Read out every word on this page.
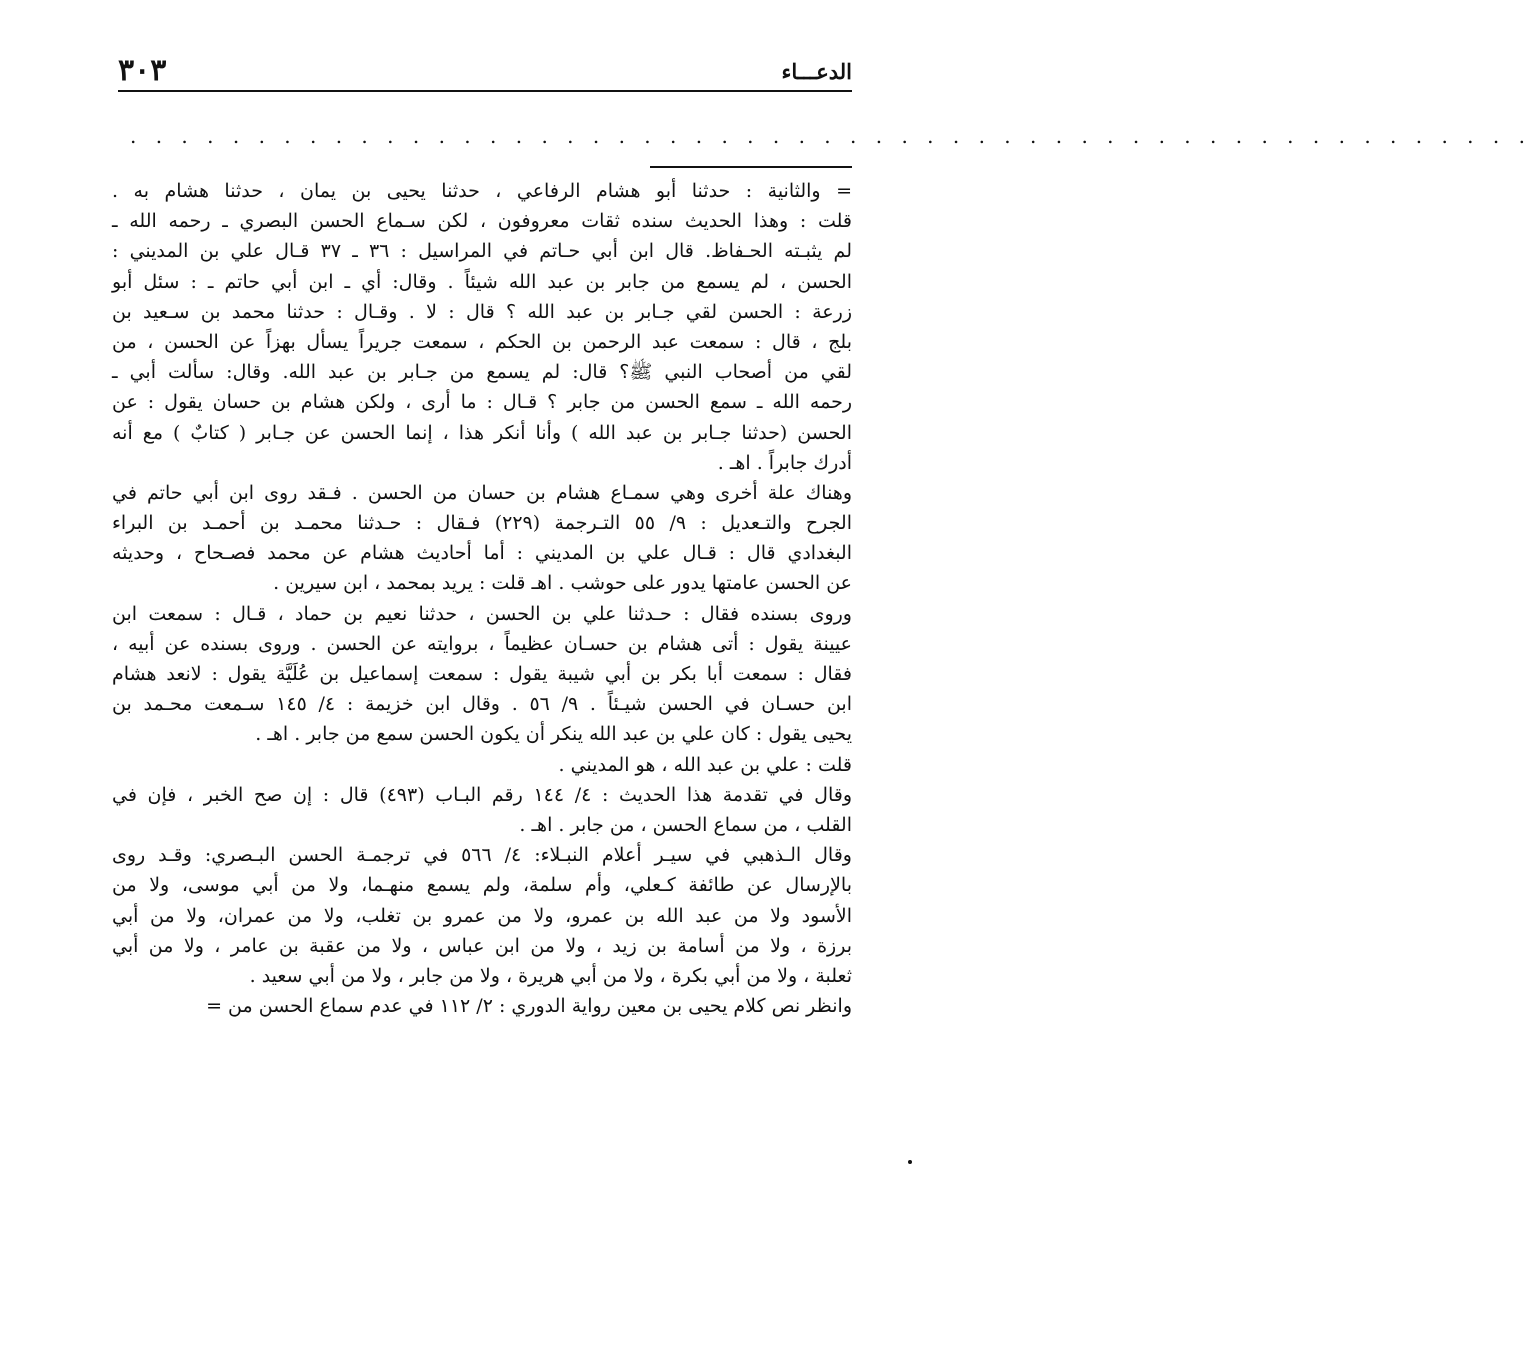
الدعـــاء
٣٠٣
. . . . . . . . . . . . . . . . . . . . . . . . . . . . . . . . . . . . . . . . . . . . . . . . . . . . . . .
= والثانية : حدثنا أبو هشام الرفاعي ، حدثنا يحيى بن يمان ، حدثنا هشام به .
قلت : وهذا الحديث سنده ثقات معروفون ، لكن سـماع الحسن البصري ـ رحمه الله ـ
لم يثبـته الحـفاظ. قال ابن أبي حـاتم في المراسيل : ٣٦ ـ ٣٧ قـال علي بن المديني :
الحسن ، لم يسمع من جابر بن عبد الله شيئاً . وقال: أي ـ ابن أبي حاتم ـ : سئل أبو
زرعة : الحسن لقي جـابر بن عبد الله ؟ قال : لا . وقـال : حدثنا محمد بن سـعيد بن
بلج ، قال : سمعت عبد الرحمن بن الحكم ، سمعت جريراً يسأل بهزاً عن الحسن ، من
لقي من أصحاب النبي ﷺ؟ قال: لم يسمع من جـابر بن عبد الله. وقال: سألت أبي ـ
رحمه الله ـ سمع الحسن من جابر ؟ قـال : ما أرى ، ولكن هشام بن حسان يقول : عن
الحسن (حدثنا جـابر بن عبد الله ) وأنا أنكر هذا ، إنما الحسن عن جـابر ( كتابٌ ) مع أنه
أدرك جابراً . اهـ .
وهناك علة أخرى وهي سمـاع هشام بن حسان من الحسن . فـقد روى ابن أبي حاتم في
الجرح والتـعديل : ٩/ ٥٥ التـرجمة (٢٢٩) فـقال : حـدثنا محمـد بن أحمـد بن البراء
البغدادي قال : قـال علي بن المديني : أما أحاديث هشام عن محمد فصـحاح ، وحديثه
عن الحسن عامتها يدور على حوشب . اهـ قلت : يريد بمحمد ، ابن سيرين .
وروى بسنده فقال : حـدثنا علي بن الحسن ، حدثنا نعيم بن حماد ، قـال : سمعت ابن
عيينة يقول : أتى هشام بن حسـان عظيماً ، بروايته عن الحسن . وروى بسنده عن أبيه ،
فقال : سمعت أبا بكر بن أبي شيبة يقول : سمعت إسماعيل بن عُلَيَّة يقول : لانعد هشام
ابن حسـان في الحسن شيـئاً . ٩/ ٥٦ . وقال ابن خزيمة : ٤/ ١٤٥ سـمعت محـمد بن
يحيى يقول : كان علي بن عبد الله ينكر أن يكون الحسن سمع من جابر . اهـ .
قلت : علي بن عبد الله ، هو المديني .
وقال في تقدمة هذا الحديث : ٤/ ١٤٤ رقم البـاب (٤٩٣) قال : إن صح الخبر ، فإن في
القلب ، من سماع الحسن ، من جابر . اهـ .
وقال الـذهبي في سيـر أعلام النبـلاء: ٤/ ٥٦٦ في ترجمـة الحسن البـصري: وقـد روى
بالإرسال عن طائفة كـعلي، وأم سلمة، ولم يسمع منهـما، ولا من أبي موسى، ولا من
الأسود ولا من عبد الله بن عمرو، ولا من عمرو بن تغلب، ولا من عمران، ولا من أبي
برزة ، ولا من أسامة بن زيد ، ولا من ابن عباس ، ولا من عقبة بن عامر ، ولا من أبي
ثعلبة ، ولا من أبي بكرة ، ولا من أبي هريرة ، ولا من جابر ، ولا من أبي سعيد .
وانظر نص كلام يحيى بن معين رواية الدوري : ٢/ ١١٢ في عدم سماع الحسن من =
